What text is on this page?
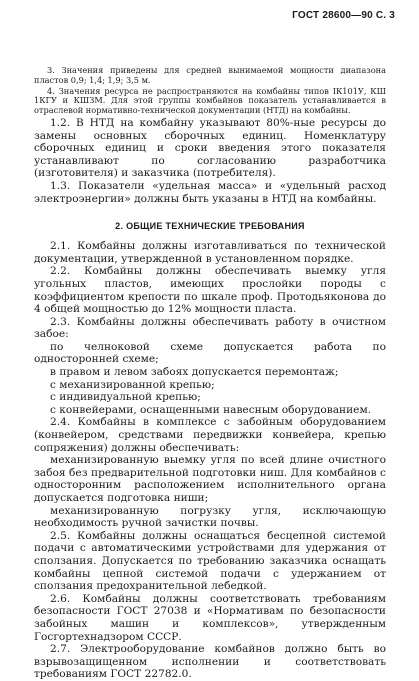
ГОСТ 28600—90 С. 3

3. Значения приведены для средней вынимаемой мощности диапазона пластов 0,9; 1,4; 1,9; 3,5 м.

4. Значения ресурса не распространяются на комбайны типов IК101У, КШ 1КГУ и КШЗМ. Для этой группы комбайнов показатель устанавливается в отраслевой нормативно-технической документации (НТД) на комбайны.

1.2. В НТД на комбайну указывают 80%-ные ресурсы до замены основных сборочных единиц. Номенклатуру сборочных единиц и сроки введения этого показателя устанавливают по согласованию разработчика (изготовителя) и заказчика (потребителя).

1.3. Показатели «удельная масса» и «удельный расход электроэнергии» должны быть указаны в НТД на комбайны.

2. ОБЩИЕ ТЕХНИЧЕСКИЕ ТРЕБОВАНИЯ

2.1. Комбайны должны изготавливаться по технической документации, утвержденной в установленном порядке.

2.2. Комбайны должны обеспечивать выемку угля угольных пластов, имеющих прослойки породы с коэффициентом крепости по шкале проф. Протодьяконова до 4 общей мощностью до 12% мощности пласта.

2.3. Комбайны должны обеспечивать работу в очистном забое:

по челноковой схеме допускается работа по односторонней схеме;

в правом и левом забоях допускается перемонтаж;

с механизированной крепью;

с индивидуальной крепью;

с конвейерами, оснащенными навесным оборудованием.

2.4. Комбайны в комплексе с забойным оборудованием (конвейером, средствами передвижки конвейера, крепью сопряжения) должны обеспечивать:

механизированную выемку угля по всей длине очистного забоя без предварительной подготовки ниш. Для комбайнов с односторонним расположением исполнительного органа допускается подготовка ниши;

механизированную погрузку угля, исключающую необходимость ручной зачистки почвы.

2.5. Комбайны должны оснащаться бесцепной системой подачи с автоматическими устройствами для удержания от сползания. Допускается по требованию заказчика оснащать комбайны цепной системой подачи с удержанием от сползания предохранительной лебедкой.

2.6. Комбайны должны соответствовать требованиям безопасности ГОСТ 27038 и «Нормативам по безопасности забойных машин и комплексов», утвержденным Госгортехнадзором СССР.

2.7. Электрооборудование комбайнов должно быть во взрывозащищенном исполнении и соответствовать требованиям ГОСТ 22782.0.
